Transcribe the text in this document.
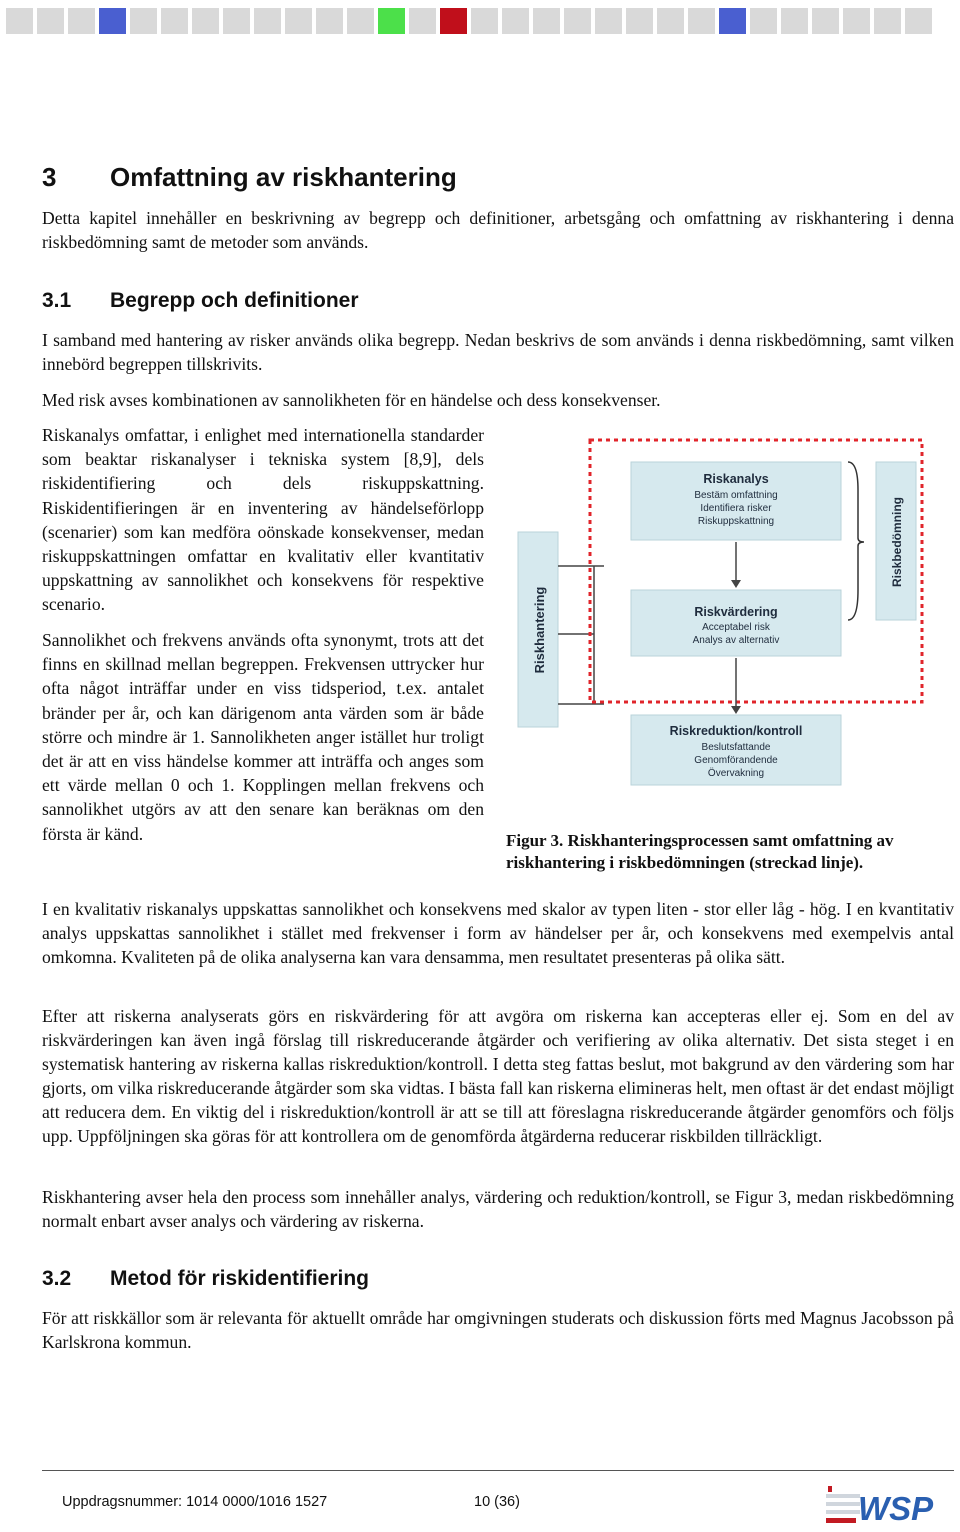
3 Omfattning av riskhantering

Detta kapitel innehåller en beskrivning av begrepp och definitioner, arbetsgång och omfattning av riskhantering i denna riskbedömning samt de metoder som används.

3.1 Begrepp och definitioner

I samband med hantering av risker används olika begrepp. Nedan beskrivs de som används i denna riskbedömning, samt vilken innebörd begreppen tillskrivits.

Med risk avses kombinationen av sannolikheten för en händelse och dess konsekvenser.

Riskanalys omfattar, i enlighet med internationella standarder som beaktar riskanalyser i tekniska system [8,9], dels riskidentifiering och dels riskuppskattning. Riskidentifieringen är en inventering av händelseförlopp (scenarier) som kan medföra oönskade konsekvenser, medan riskuppskattningen omfattar en kvalitativ eller kvantitativ uppskattning av sannolikhet och konsekvens för respektive scenario.

Sannolikhet och frekvens används ofta synonymt, trots att det finns en skillnad mellan begreppen. Frekvensen uttrycker hur ofta något inträffar under en viss tidsperiod, t.ex. antalet bränder per år, och kan därigenom anta värden som är både större och mindre är 1. Sannolikheten anger istället hur troligt det är att en viss händelse kommer att inträffa och anges som ett värde mellan 0 och 1. Kopplingen mellan frekvens och sannolikhet utgörs av att den senare kan beräknas om den första är känd.

Riskhantering
Riskbedömning
Riskanalys
Bestäm omfattning
Identifiera risker
Riskuppskattning
Riskvärdering
Acceptabel risk
Analys av alternativ
Riskreduktion/kontroll
Beslutsfattande
Genomförandende
Övervakning

Figur 3. Riskhanteringsprocessen samt omfattning av riskhantering i riskbedömningen (streckad linje).

I en kvalitativ riskanalys uppskattas sannolikhet och konsekvens med skalor av typen liten - stor eller låg - hög. I en kvantitativ analys uppskattas sannolikhet i stället med frekvenser i form av händelser per år, och konsekvens med exempelvis antal omkomna. Kvaliteten på de olika analyserna kan vara densamma, men resultatet presenteras på olika sätt.

Efter att riskerna analyserats görs en riskvärdering för att avgöra om riskerna kan accepteras eller ej. Som en del av riskvärderingen kan även ingå förslag till riskreducerande åtgärder och verifiering av olika alternativ. Det sista steget i en systematisk hantering av riskerna kallas riskreduktion/kontroll. I detta steg fattas beslut, mot bakgrund av den värdering som har gjorts, om vilka riskreducerande åtgärder som ska vidtas. I bästa fall kan riskerna elimineras helt, men oftast är det endast möjligt att reducera dem. En viktig del i riskreduktion/kontroll är att se till att föreslagna riskreducerande åtgärder genomförs och följs upp. Uppföljningen ska göras för att kontrollera om de genomförda åtgärderna reducerar riskbilden tillräckligt.

Riskhantering avser hela den process som innehåller analys, värdering och reduktion/kontroll, se Figur 3, medan riskbedömning normalt enbart avser analys och värdering av riskerna.

3.2 Metod för riskidentifiering

För att riskkällor som är relevanta för aktuellt område har omgivningen studerats och diskussion förts med Magnus Jacobsson på Karlskrona kommun.

Uppdragsnummer: 1014 0000/1016 1527	10 (36)	WSP
